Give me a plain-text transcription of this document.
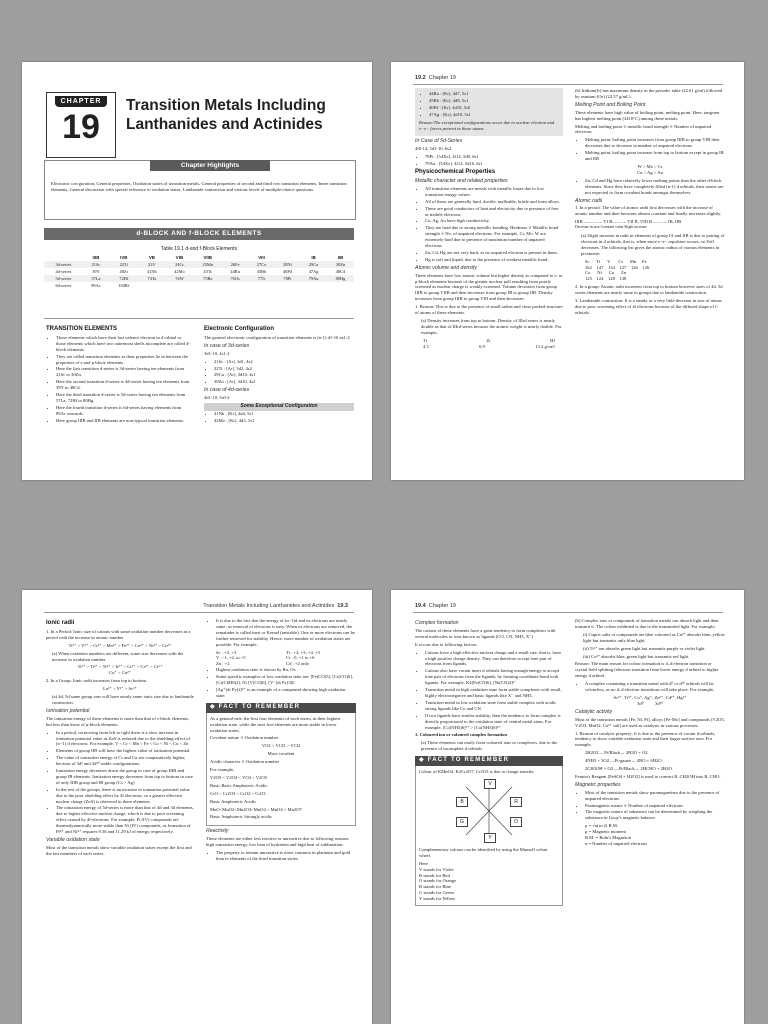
CHAPTER
19
Transition Metals Including
Lanthanides and Actinides
Chapter Highlights
Electronic con guration, General properties, Oxidation states of transition metals, General properties of second and third row transition elements, Inner transition elements, General discussion with special reference to oxidation states, Lanthanide contraction and various levels of multiple-choice questions.
d-BLOCK AND f-BLOCK ELEMENTS
Table 19.1 d-and f-Block Elements
	IIIB	IVB	VB	VIB	VIIB		VIII		IB	IIB
3d-series	21Sc	22Ti	23V	24Cr	25Mn	26Fe	27Co	28Ni	29Cu	30Zn
4d-series	39Y	40Zr	41Nb	42Mo	43Tc	44Ru	45Rh	46Pd	47Ag	48Cd
5d-series	57La	72Hf	73Ta	74W	75Re	76Os	77Ir	78Pt	79Au	80Hg
6d-series	89Ac	104Rf								
TRANSITION ELEMENTS
• Those elements which have their last valence electron in d orbital or those elements which have two outermost shells incomplete are called d-block elements.
• They are called transition elements as their properties lie in between the properties of s-and p-block elements.
• Here the first transition d-series is 3d-series having ten elements from 21Sc to 30Zn.
• Here the second transition d-series is 4d-series having ten elements from 39Y to 48Cd.
• Here the third transition d-series is 5d-series having ten elements from 57La, 72Hf to 80Hg.
• Here the fourth transition d-series is 6d-series having elements from 89Ac onwards.
• Here group IIIB and IIB elements are non-typical transition elements.
Electronic Configuration

The general electronic configuration of transition elements is (n-1) d1-10 ns1-2

In case of 3d-series

3d1-10, 4s1-2

• 21Sc : [Ar], 3d1, 4s2
• 22Ti : [Ar], 3d2, 4s2
• 29Cu : [Ar], 3d10, 4s1
• 30Zn : [Ar], 3d10, 4s2
In case of 4d-series

4d1-10, 5s0-2

Some Exceptional Configuration
• 41Nb : [Kr], 4d4, 5s1
• 42Mo : [Kr], 4d5, 5s1
19.2 Chapter 19
• 44Ru : [Kr], 4d7, 5s1
• 45Rh : [Kr], 4d8, 5s1
• 46Pd : [Kr], 4d10, 5s0
• 47Ag : [Kr], 4d10, 5s1

Reason The exceptional configurations occur due to nuclear electron and e−e− forces present in these atoms.

In Case of 5d-Series

4f0-14, 5d1-10, 6s2

• 78Pt : [54Xe], 4f14, 5d9, 6s1
• 79Au : [54Xe], 4f14, 5d10, 6s1
Physicochemical Properties
Metallic character and related properties
• All transition elements are metals with metallic luster due to low ionization energy values.
• All of these are generally hard, ductile, malleable, brittle and form alloys.
• These are good conductors of heat and electricity due to presence of free or mobile electrons.
• Cu, Ag, Au have high conductivity.
• They are hard due to strong metallic bonding. Hardness ∝ Metallic bond strength ∝ No. of unpaired electrons. For example, Cr, Mo, W are extremely hard due to presence of maximum number of unpaired electrons.
• Zn, Cd, Hg are not very hard, as no unpaired electron is present in them.
• Hg is soft and liquid, due to the presence of weakest metallic bond.
Atomic volume and density

These elements have low atomic volume but higher density as compared to s- or p-block elements because of the greater nuclear pull resulting from poorly screened as nuclear charge is weakly screened. Volume decreases from group IIIB to group VIIB and then increases from group IB to group IIB. Density increases from group IIIB to group VIII and then decreases.

1. Reason: This is due to the presence of small radius and close packed structure of atoms of these elements.

(a) Density increases from top to bottom. Density of IIIrd series is nearly double as that of IIIrd series because the atomic weight is nearly double. For example,

Ti	Zr	Hf
4.5	6.9	13.2 g/cm³

(b) Iridium(Ir) has maximum density in the periodic table (22.61 g/ml) followed by osmium (Os) (22.57 g/mL).

Melting Point and Boiling Point

These elements have high value of boiling point, melting point. Here, tungsten has highest melting point (3410°C) among these metals.

Melting and boiling point ∝ metallic bond strength ∝ Number of unpaired electrons

• Melting point, boiling point increases from group IIIB to group VIB then decreases due to decrease in number of unpaired electrons.
• Melting point, boiling point increase from top to bottom except in group IB and IIB

W > Mo > Cr

Cu > Ag > Au

• Zn, Cd and Hg have relatively lower melting points than the other d-block elements. Since they have completely filled (n-1) d orbitals, their atoms are not expected to form covalent bonds amongst themselves.
Atomic radii

1. In a period: The value of atomic radii first decreases with the increase of atomic number and then becomes almost constant and finally increases slightly.

IIIB ———→ VI B——→ VII B, VIII B ——→ IB, IIB

Decrease in size Constant value Slight increase

(a) Slight increase in radii in elements of group IA and IIB is due to pairing of electrons in d orbitals, that is, when more e−e− repulsion occurs, so Zeff decreases. The following list gives the atomic radius of various elements in picometre.

Sc      Ti      V       Cr      Mn     Fe

162    147    134    127    126    126

Co      Ni      Cu      Zn

125    124    128    138

2. In a group: Atomic radii increases from top to bottom however sizes of 4d, 5d series elements are nearly same in groups due to lanthanide contraction.

3. Lanthanide contraction: It is a steady or a very little decrease in size of atoms due to poor screening effect of 4f electrons because of the diffused shape of f-orbitals.

Transition Metals Including Lanthanides and Actinides 19.3
Ionic radii

1. In a Period: Ionic size of cations with same oxidation number decreases in a period with the increase in atomic number

Ti²⁺ > V²⁺ > Cr²⁺ > Mn²⁺ > Fe²⁺ > Co²⁺ > Ni²⁺ > Cu²⁺

(a) When oxidation numbers are different, some size decreases with the increase in oxidation number

Ti²⁺ > Ti³⁺ > Ti⁴⁺ > Ir²⁺ > Cr²⁺ > Cr³⁺ > Cr⁶⁺

Cu⁺ > Cu²⁺

2. In a Group: Ionic radii increases from top to bottom.

La³⁺ > Y³⁺ > Sc³⁺

(a) 4d, 5d same group ions will have nearly same ionic size due to lanthanide contraction.

Ionisation potential

The ionisation energy of these elements is more than that of s-block elements, but less than those of p-block elements.

• In a period, on moving from left to right there is a slow increase in ionisation potential value as Zeff is reduced due to the shielding effect of (n−1) d electrons. For example, V < Cr < Mn < Fe < Co < Ni < Cu < Zn
• Elements of group IIB will have the highest value of ionization potential.
• The value of ionization energy of Cr and Cu are comparatively higher, because of 3d⁵ and 3d¹⁰ stable configurations.
• Ionization energy decreases down the group in case of group IIIB and group IB elements. Ionization energy decreases from top to bottom in case of only IIIB group and IB group (Cs > Ag)
• In the rest of the groups, there is an increase in ionization potential value due to the poor shielding effect by 4f electrons, so a greater effective nuclear charge (Zeff) is observed in these elements.
• The ionization energy of 5d-series is more than that of 4d and 3d elements, due to higher effective nuclear charge, which is due to poor screening effect caused by 4f-electrons. For example, Pt (IV) compounds are thermodynamically more stable than Ni (IV) compounds, as formation of Pt⁴⁺ and Ni⁴⁺ requires 9.36 and 11.29 kJ of energy respectively.
Variable oxidation state

Most of the transition metals show variable oxidation states except the first and the last members of each series.

• It is due to the fact that the energy of (n−1)d and ns electrons are nearly same, so removal of electrons is easy. When ns electrons are removed, the remainder is called inert or Kernel (unstable). One or more electrons can be further removed for stability. Hence, more number of oxidation states are possible. For example,
Sc : +2, +3	Ti : +2, +3, +4, +5
V : -1, +2, to +5	Cr : 0, +1 to +6
Zn : +2	Cd : +2 only
• Highest oxidation state is shown by Ru, Os.
• Some specific examples of low oxidation state are: [Fe(CO)5], [Cr(CO)6], [Cr(C6H6)2], Ni [V(CO)6], [V⁻(di Py)3]0
• [Ag⁺(di Py)2]²⁺ is an example of a compound showing high oxidation state.
◆ FACT TO REMEMBER

As a general-rule, the first four elements of each series, in their highest oxidation state, while the next five elements are more stable in lower oxidation states.

Covalent nature ∝ Oxidation number

VO2 > VCl3 > VCl2

More covalent

Acidic character ∝ Oxidation number

For example,

V2O5 < V2O4 < VO2 < V2O5

Basic Basic Amphoteric Acidic

CrO < Cr2O3 < CrO2 < CrO3

Basic Amphoteric Acidic

MnO<MnO2<Mn2O3<MnO4 < MnO4 < Mn2O7

Basic Amphoteric Strongly acidic

Reactivity

These elements are either less reactive or unreactive due to following reasons: high ionization energy, low heat of hydration and high heat of sublimation.

• The property to remain unreactive is more common in platinum and gold than in elements of the third transition series.
19.4 Chapter 19
Complex formation

The cations of these elements have a great tendency to form complexes with several molecules or ions known as ligands (CO, CN, NH3, X⁻)

It occurs due to following factors:

• Cations have a high effective nuclear charge and a small size, that is, have a high positive charge density. They can therefore accept lone pair of electrons from ligands.
• Cations also have vacant inner d orbitals having enough energy to accept lone pair of electrons from the ligands, by forming coordinate bond with ligands. For example, K4[Fe(CN)6], [Ni(CN)4]²⁻
• Transition metal in high oxidation state form stable complexes with small, highly electronegative and basic ligands like X⁻ and NH3.
• Transition metal in low oxidation state form stable complex with acidic strong ligands like Co and CN
• If two ligands have similar stability, then the tendency to form complex is directly proportional to the oxidation state of central metal atom. For example, [Co(NH3)6]³⁺ > [Co(NH3)6]²⁺

1. Coloured ion or coloured complex formation

(a) These elements can easily form coloured ions or complexes, due to the presence of incomplete d orbitals.

◆ FACT TO REMEMBER

Colour of KMnO4, K2Cr2O7, Cr2O3 is due to charge transfer.

V
B
G
Y
O
R

Complementary colours can be identified by using the Munsell colour wheel.

Here

V stands for Violet

R stands for Red

O stands for Orange

B stands for Blue

G stands for Green

Y stands for Yellow

(b) Complex ions or compounds of transition metals can absorb light and then transmit it. The colour exhibited is due to the transmitted light. For example,

(i) Cupric salts or compounds are blue coloured as Cu²⁺ absorbs blue–yellow light but transmits only blue light.

(ii) Ti³⁺ ion absorbs green light but transmits purple or violet light.

(iii) Co²⁺ absorbs blue–green light but transmits red light.

Reason: The main reason for colour formation is d–d electron transition or crystal field splitting (electron transition from lower energy d orbital to higher energy d orbital.

• A complex containing a transition metal with d⁰ or d¹⁰ orbitals will be colourless, as no d–d electron transitions will take place. For example,

Sc³⁺, Ti⁴⁺, Cu⁺, Ag⁺, Zn²⁺, Cd²⁺, Hg²⁺

3d⁰          3d¹⁰

Catalytic activity

Most of the transition metals [Fe, Ni, Pt], alloys [Fe-Mo] and compounds [V2O5, V2O3, MnO2, Co²⁺ salt] are used as catalysts in various processes.

1. Reason of catalytic property: It is due to the presence of vacant d-orbitals, tendency to show variable oxidation state and their larger surface area. For example,

2H2O2 —Pt/Black→ 2H2O + O2

4NH3 + 5O2 —Pt-gauze→ 4NO + 6H2O

2CH3OH + O2 —Pt/Black→ 2HCHO + 2H2O

Fenton's Reagent [FeSO4 + H2O2] is used to convert R–CH2OH into R–CHO.

Magnetic properties
• Most of the transition metals show paramagnetism due to the presence of unpaired electrons.
• Paramagnetic nature ∝ Number of unpaired electrons
• The magnetic nature of substance can be determined by weighing the substance in Gouy's magnetic balance.

μ = √n(n+2) B.M.

μ = Magnetic moment

B.M. = Bohr's Magneton

n = Number of unpaired electrons
